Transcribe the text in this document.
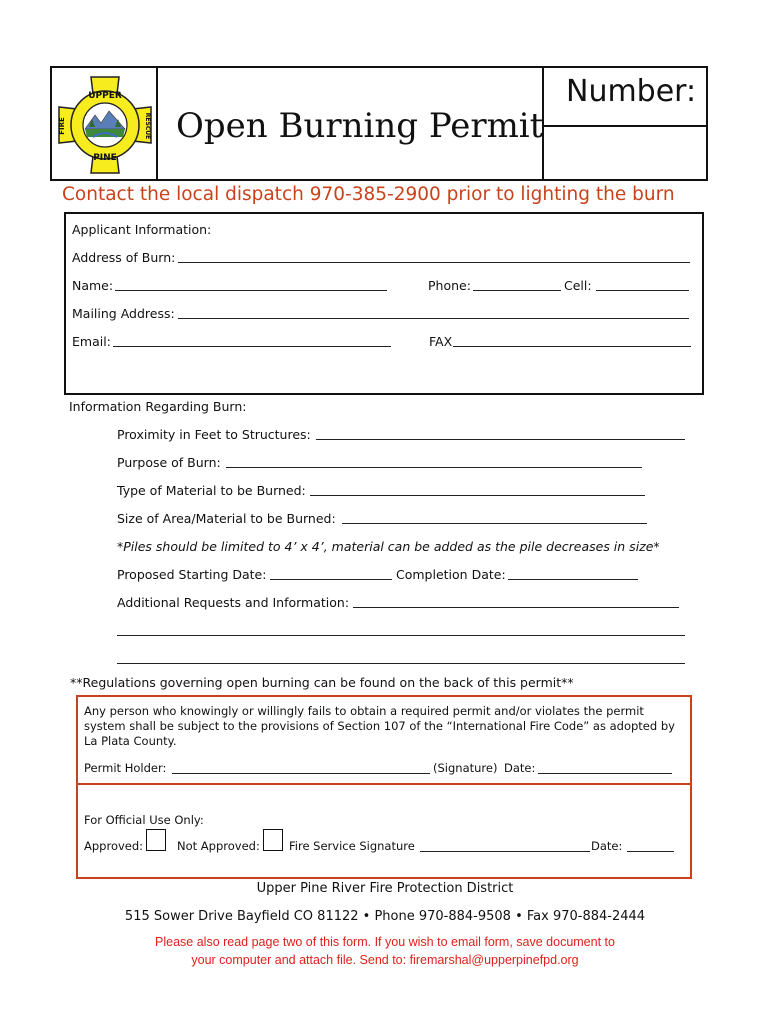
UPPER
PINE
FIRE	RESCUE Open Burning Permit
Number:
Contact the local dispatch 970-385-2900 prior to lighting the burn
Applicant Information:
Address of Burn:
Name:	Phone:	Cell:
Mailing Address:
Email:	FAX
Information Regarding Burn:
Proximity in Feet to Structures:
Purpose of Burn:
Type of Material to be Burned:
Size of Area/Material to be Burned:
*Piles should be limited to 4’ x 4’, material can be added as the pile decreases in size*
Proposed Starting Date:	Completion Date:
Additional Requests and Information:
**Regulations governing open burning can be found on the back of this permit**
Any person who knowingly or willingly fails to obtain a required permit and/or violates the permit
system shall be subject to the provisions of Section 107 of the “International Fire Code” as adopted by
La Plata County.
Permit Holder:	(Signature) Date:
For Official Use Only:
Approved:	Not Approved:	Fire Service Signature	Date:
Upper Pine River Fire Protection District
515 Sower Drive Bayfield CO 81122 • Phone 970-884-9508 • Fax 970-884-2444
Please also read page two of this form. If you wish to email form, save document to
your computer and attach file. Send to: firemarshal@upperpinefpd.org
